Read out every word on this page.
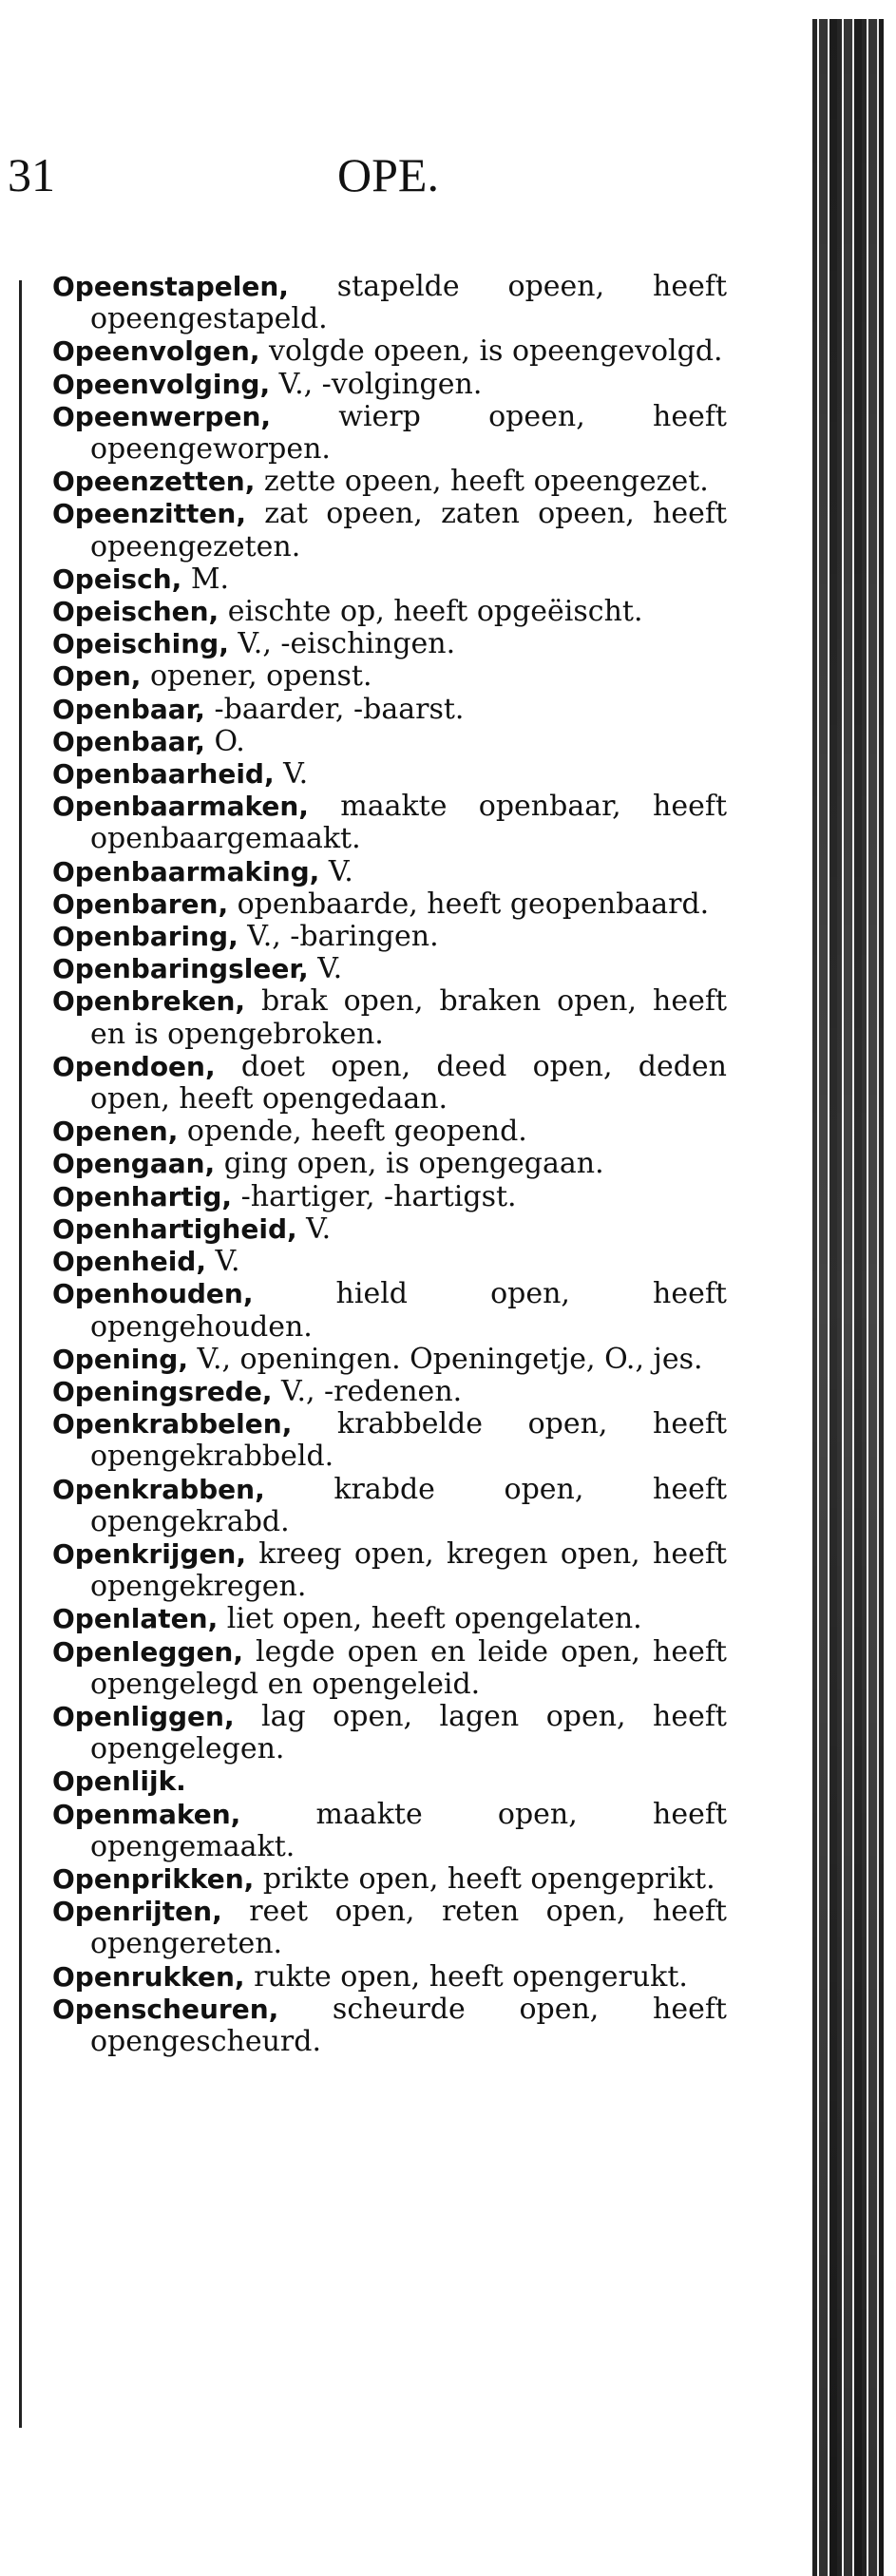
31	OPE.
Opeenstapelen, stapelde opeen, heeft opeengestapeld.
Opeenvolgen, volgde opeen, is opeengevolgd.
Opeenvolging, V., -volgingen.
Opeenwerpen, wierp opeen, heeft opeengeworpen.
Opeenzetten, zette opeen, heeft opeengezet.
Opeenzitten, zat opeen, zaten opeen, heeft opeengezeten.
Opeisch, M.
Opeischen, eischte op, heeft opgeëischt.
Opeisching, V., -eischingen.
Open, opener, openst.
Openbaar, -baarder, -baarst.
Openbaar, O.
Openbaarheid, V.
Openbaarmaken, maakte openbaar, heeft openbaargemaakt.
Openbaarmaking, V.
Openbaren, openbaarde, heeft geopenbaard.
Openbaring, V., -baringen.
Openbaringsleer, V.
Openbreken, brak open, braken open, heeft en is opengebroken.
Opendoen, doet open, deed open, deden open, heeft opengedaan.
Openen, opende, heeft geopend.
Opengaan, ging open, is opengegaan.
Openhartig, -hartiger, -hartigst.
Openhartigheid, V.
Openheid, V.
Openhouden, hield open, heeft opengehouden.
Opening, V., openingen. Openingetje, O., jes.
Openingsrede, V., -redenen.
Openkrabbelen, krabbelde open, heeft opengekrabbeld.
Openkrabben, krabde open, heeft opengekrabd.
Openkrijgen, kreeg open, kregen open, heeft opengekregen.
Openlaten, liet open, heeft opengelaten.
Openleggen, legde open en leide open, heeft opengelegd en opengeleid.
Openliggen, lag open, lagen open, heeft opengelegen.
Openlijk.
Openmaken, maakte open, heeft opengemaakt.
Openprikken, prikte open, heeft opengeprikt.
Openrijten, reet open, reten open, heeft opengereten.
Openrukken, rukte open, heeft opengerukt.
Openscheuren, scheurde open, heeft opengescheurd.
